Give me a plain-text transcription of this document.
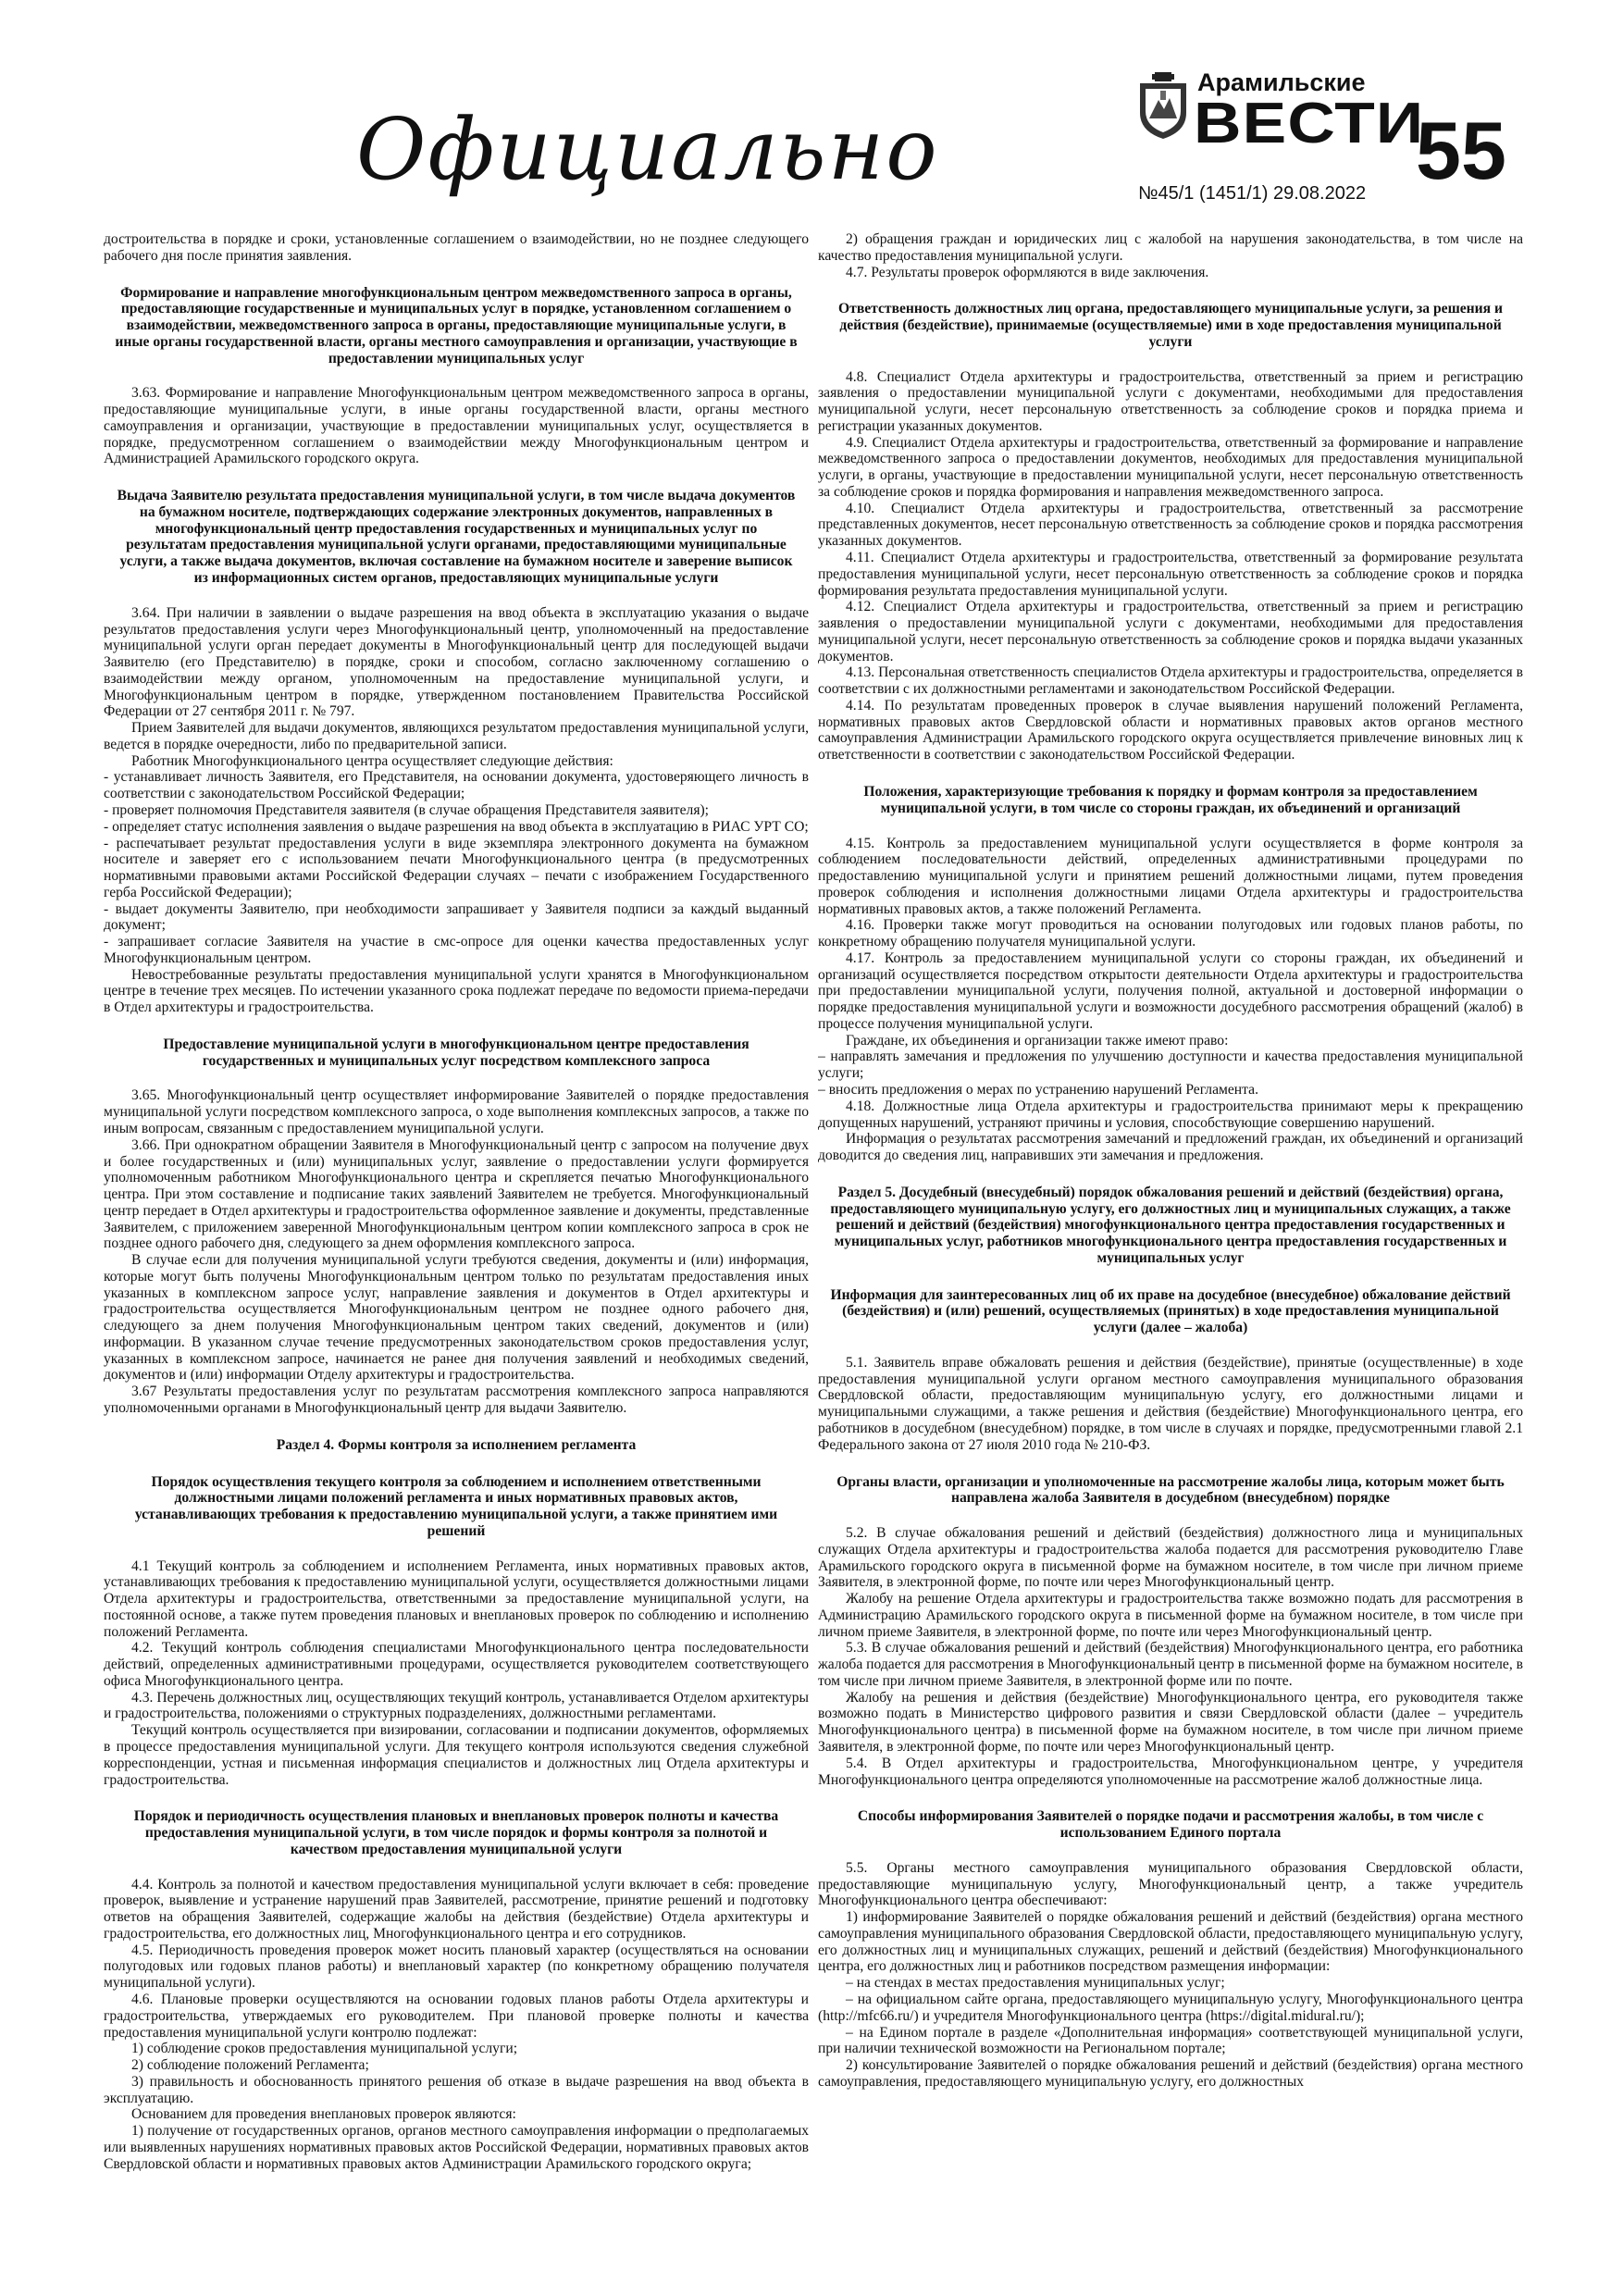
Официально
Арамильские
ВЕСТИ
№45/1 (1451/1) 29.08.2022 55

достроительства в порядке и сроки, установленные соглашением о взаимодействии, но не позднее следующего рабочего дня после принятия заявления.

Формирование и направление многофункциональным центром межведомственного запроса в органы, предоставляющие государственные и муниципальных услуг в порядке, установленном соглашением о взаимодействии, межведомственного запроса в органы, предоставляющие муниципальные услуги, в иные органы государственной власти, органы местного самоуправления и организации, участвующие в предоставлении муниципальных услуг

3.63. Формирование и направление Многофункциональным центром межведомственного запроса в органы, предоставляющие муниципальные услуги, в иные органы государственной власти, органы местного самоуправления и организации, участвующие в предоставлении муниципальных услуг, осуществляется в порядке, предусмотренном соглашением о взаимодействии между Многофункциональным центром и Администрацией Арамильского городского округа.

Выдача Заявителю результата предоставления муниципальной услуги, в том числе выдача документов на бумажном носителе, подтверждающих содержание электронных документов, направленных в многофункциональный центр предоставления государственных и муниципальных услуг по результатам предоставления муниципальной услуги органами, предоставляющими муниципальные услуги, а также выдача документов, включая составление на бумажном носителе и заверение выписок из информационных систем органов, предоставляющих муниципальные услуги

3.64. При наличии в заявлении о выдаче разрешения на ввод объекта в эксплуатацию указания о выдаче результатов предоставления услуги через Многофункциональный центр, уполномоченный на предоставление муниципальной услуги орган передает документы в Многофункциональный центр для последующей выдачи Заявителю (его Представителю) в порядке, сроки и способом, согласно заключенному соглашению о взаимодействии между органом, уполномоченным на предоставление муниципальной услуги, и Многофункциональным центром в порядке, утвержденном постановлением Правительства Российской Федерации от 27 сентября 2011 г. № 797.

Прием Заявителей для выдачи документов, являющихся результатом предоставления муниципальной услуги, ведется в порядке очередности, либо по предварительной записи.

Работник Многофункционального центра осуществляет следующие действия:

- устанавливает личность Заявителя, его Представителя, на основании документа, удостоверяющего личность в соответствии с законодательством Российской Федерации;

- проверяет полномочия Представителя заявителя (в случае обращения Представителя заявителя);

- определяет статус исполнения заявления о выдаче разрешения на ввод объекта в эксплуатацию в РИАС УРТ СО;

- распечатывает результат предоставления услуги в виде экземпляра электронного документа на бумажном носителе и заверяет его с использованием печати Многофункционального центра (в предусмотренных нормативными правовыми актами Российской Федерации случаях – печати с изображением Государственного герба Российской Федерации);

- выдает документы Заявителю, при необходимости запрашивает у Заявителя подписи за каждый выданный документ;

- запрашивает согласие Заявителя на участие в смс-опросе для оценки качества предоставленных услуг Многофункциональным центром.

Невостребованные результаты предоставления муниципальной услуги хранятся в Многофункциональном центре в течение трех месяцев. По истечении указанного срока подлежат передаче по ведомости приема-передачи в Отдел архитектуры и градостроительства.

Предоставление муниципальной услуги в многофункциональном центре предоставления государственных и муниципальных услуг посредством комплексного запроса

3.65. Многофункциональный центр осуществляет информирование Заявителей о порядке предоставления муниципальной услуги посредством комплексного запроса, о ходе выполнения комплексных запросов, а также по иным вопросам, связанным с предоставлением муниципальной услуги.

3.66. При однократном обращении Заявителя в Многофункциональный центр с запросом на получение двух и более государственных и (или) муниципальных услуг, заявление о предоставлении услуги формируется уполномоченным работником Многофункционального центра и скрепляется печатью Многофункционального центра. При этом составление и подписание таких заявлений Заявителем не требуется. Многофункциональный центр передает в Отдел архитектуры и градостроительства оформленное заявление и документы, представленные Заявителем, с приложением заверенной Многофункциональным центром копии комплексного запроса в срок не позднее одного рабочего дня, следующего за днем оформления комплексного запроса.

В случае если для получения муниципальной услуги требуются сведения, документы и (или) информация, которые могут быть получены Многофункциональным центром только по результатам предоставления иных указанных в комплексном запросе услуг, направление заявления и документов в Отдел архитектуры и градостроительства осуществляется Многофункциональным центром не позднее одного рабочего дня, следующего за днем получения Многофункциональным центром таких сведений, документов и (или) информации. В указанном случае течение предусмотренных законодательством сроков предоставления услуг, указанных в комплексном запросе, начинается не ранее дня получения заявлений и необходимых сведений, документов и (или) информации Отделу архитектуры и градостроительства.

3.67 Результаты предоставления услуг по результатам рассмотрения комплексного запроса направляются уполномоченными органами в Многофункциональный центр для выдачи Заявителю.

Раздел 4. Формы контроля за исполнением регламента
Порядок осуществления текущего контроля за соблюдением и исполнением ответственными должностными лицами положений регламента и иных нормативных правовых актов, устанавливающих требования к предоставлению муниципальной услуги, а также принятием ими решений

4.1 Текущий контроль за соблюдением и исполнением Регламента, иных нормативных правовых актов, устанавливающих требования к предоставлению муниципальной услуги, осуществляется должностными лицами Отдела архитектуры и градостроительства, ответственными за предоставление муниципальной услуги, на постоянной основе, а также путем проведения плановых и внеплановых проверок по соблюдению и исполнению положений Регламента.

4.2. Текущий контроль соблюдения специалистами Многофункционального центра последовательности действий, определенных административными процедурами, осуществляется руководителем соответствующего офиса Многофункционального центра.

4.3. Перечень должностных лиц, осуществляющих текущий контроль, устанавливается Отделом архитектуры и градостроительства, положениями о структурных подразделениях, должностными регламентами.

Текущий контроль осуществляется при визировании, согласовании и подписании документов, оформляемых в процессе предоставления муниципальной услуги. Для текущего контроля используются сведения служебной корреспонденции, устная и письменная информация специалистов и должностных лиц Отдела архитектуры и градостроительства.

Порядок и периодичность осуществления плановых и внеплановых проверок полноты и качества предоставления муниципальной услуги, в том числе порядок и формы контроля за полнотой и качеством предоставления муниципальной услуги

4.4. Контроль за полнотой и качеством предоставления муниципальной услуги включает в себя: проведение проверок, выявление и устранение нарушений прав Заявителей, рассмотрение, принятие решений и подготовку ответов на обращения Заявителей, содержащие жалобы на действия (бездействие) Отдела архитектуры и градостроительства, его должностных лиц, Многофункционального центра и его сотрудников.

4.5. Периодичность проведения проверок может носить плановый характер (осуществляться на основании полугодовых или годовых планов работы) и внеплановый характер (по конкретному обращению получателя муниципальной услуги).

4.6. Плановые проверки осуществляются на основании годовых планов работы Отдела архитектуры и градостроительства, утверждаемых его руководителем. При плановой проверке полноты и качества предоставления муниципальной услуги контролю подлежат:

1) соблюдение сроков предоставления муниципальной услуги;

2) соблюдение положений Регламента;

3) правильность и обоснованность принятого решения об отказе в выдаче разрешения на ввод объекта в эксплуатацию.

Основанием для проведения внеплановых проверок являются:

1) получение от государственных органов, органов местного самоуправления информации о предполагаемых или выявленных нарушениях нормативных правовых актов Российской Федерации, нормативных правовых актов Свердловской области и нормативных правовых актов Администрации Арамильского городского округа;

2) обращения граждан и юридических лиц с жалобой на нарушения законодательства, в том числе на качество предоставления муниципальной услуги.

4.7. Результаты проверок оформляются в виде заключения.

Ответственность должностных лиц органа, предоставляющего муниципальные услуги, за решения и действия (бездействие), принимаемые (осуществляемые) ими в ходе предоставления муниципальной услуги

4.8. Специалист Отдела архитектуры и градостроительства, ответственный за прием и регистрацию заявления о предоставлении муниципальной услуги с документами, необходимыми для предоставления муниципальной услуги, несет персональную ответственность за соблюдение сроков и порядка приема и регистрации указанных документов.

4.9. Специалист Отдела архитектуры и градостроительства, ответственный за формирование и направление межведомственного запроса о предоставлении документов, необходимых для предоставления муниципальной услуги, в органы, участвующие в предоставлении муниципальной услуги, несет персональную ответственность за соблюдение сроков и порядка формирования и направления межведомственного запроса.

4.10. Специалист Отдела архитектуры и градостроительства, ответственный за рассмотрение представленных документов, несет персональную ответственность за соблюдение сроков и порядка рассмотрения указанных документов.

4.11. Специалист Отдела архитектуры и градостроительства, ответственный за формирование результата предоставления муниципальной услуги, несет персональную ответственность за соблюдение сроков и порядка формирования результата предоставления муниципальной услуги.

4.12. Специалист Отдела архитектуры и градостроительства, ответственный за прием и регистрацию заявления о предоставлении муниципальной услуги с документами, необходимыми для предоставления муниципальной услуги, несет персональную ответственность за соблюдение сроков и порядка выдачи указанных документов.

4.13. Персональная ответственность специалистов Отдела архитектуры и градостроительства, определяется в соответствии с их должностными регламентами и законодательством Российской Федерации.

4.14. По результатам проведенных проверок в случае выявления нарушений положений Регламента, нормативных правовых актов Свердловской области и нормативных правовых актов органов местного самоуправления Администрации Арамильского городского округа осуществляется привлечение виновных лиц к ответственности в соответствии с законодательством Российской Федерации.

Положения, характеризующие требования к порядку и формам контроля за предоставлением муниципальной услуги, в том числе со стороны граждан, их объединений и организаций

4.15. Контроль за предоставлением муниципальной услуги осуществляется в форме контроля за соблюдением последовательности действий, определенных административными процедурами по предоставлению муниципальной услуги и принятием решений должностными лицами, путем проведения проверок соблюдения и исполнения должностными лицами Отдела архитектуры и градостроительства нормативных правовых актов, а также положений Регламента.

4.16. Проверки также могут проводиться на основании полугодовых или годовых планов работы, по конкретному обращению получателя муниципальной услуги.

4.17. Контроль за предоставлением муниципальной услуги со стороны граждан, их объединений и организаций осуществляется посредством открытости деятельности Отдела архитектуры и градостроительства при предоставлении муниципальной услуги, получения полной, актуальной и достоверной информации о порядке предоставления муниципальной услуги и возможности досудебного рассмотрения обращений (жалоб) в процессе получения муниципальной услуги.

Граждане, их объединения и организации также имеют право:

– направлять замечания и предложения по улучшению доступности и качества предоставления муниципальной услуги;

– вносить предложения о мерах по устранению нарушений Регламента.

4.18. Должностные лица Отдела архитектуры и градостроительства принимают меры к прекращению допущенных нарушений, устраняют причины и условия, способствующие совершению нарушений.

Информация о результатах рассмотрения замечаний и предложений граждан, их объединений и организаций доводится до сведения лиц, направивших эти замечания и предложения.

Раздел 5. Досудебный (внесудебный) порядок обжалования решений и действий (бездействия) органа, предоставляющего муниципальную услугу, его должностных лиц и муниципальных служащих, а также решений и действий (бездействия) многофункционального центра предоставления государственных и муниципальных услуг, работников многофункционального центра предоставления государственных и муниципальных услуг
Информация для заинтересованных лиц об их праве на досудебное (внесудебное) обжалование действий (бездействия) и (или) решений, осуществляемых (принятых) в ходе предоставления муниципальной услуги (далее – жалоба)

5.1. Заявитель вправе обжаловать решения и действия (бездействие), принятые (осуществленные) в ходе предоставления муниципальной услуги органом местного самоуправления муниципального образования Свердловской области, предоставляющим муниципальную услугу, его должностными лицами и муниципальными служащими, а также решения и действия (бездействие) Многофункционального центра, его работников в досудебном (внесудебном) порядке, в том числе в случаях и порядке, предусмотренными главой 2.1 Федерального закона от 27 июля 2010 года № 210-ФЗ.

Органы власти, организации и уполномоченные на рассмотрение жалобы лица, которым может быть направлена жалоба Заявителя в досудебном (внесудебном) порядке

5.2. В случае обжалования решений и действий (бездействия) должностного лица и муниципальных служащих Отдела архитектуры и градостроительства жалоба подается для рассмотрения руководителю Главе Арамильского городского округа в письменной форме на бумажном носителе, в том числе при личном приеме Заявителя, в электронной форме, по почте или через Многофункциональный центр.

Жалобу на решение Отдела архитектуры и градостроительства также возможно подать для рассмотрения в Администрацию Арамильского городского округа в письменной форме на бумажном носителе, в том числе при личном приеме Заявителя, в электронной форме, по почте или через Многофункциональный центр.

5.3. В случае обжалования решений и действий (бездействия) Многофункционального центра, его работника жалоба подается для рассмотрения в Многофункциональный центр в письменной форме на бумажном носителе, в том числе при личном приеме Заявителя, в электронной форме или по почте.

Жалобу на решения и действия (бездействие) Многофункционального центра, его руководителя также возможно подать в Министерство цифрового развития и связи Свердловской области (далее – учредитель Многофункционального центра) в письменной форме на бумажном носителе, в том числе при личном приеме Заявителя, в электронной форме, по почте или через Многофункциональный центр.

5.4. В Отдел архитектуры и градостроительства, Многофункциональном центре, у учредителя Многофункционального центра определяются уполномоченные на рассмотрение жалоб должностные лица.

Способы информирования Заявителей о порядке подачи и рассмотрения жалобы, в том числе с использованием Единого портала

5.5. Органы местного самоуправления муниципального образования Свердловской области, предоставляющие муниципальную услугу, Многофункциональный центр, а также учредитель Многофункционального центра обеспечивают:

1) информирование Заявителей о порядке обжалования решений и действий (бездействия) органа местного самоуправления муниципального образования Свердловской области, предоставляющего муниципальную услугу, его должностных лиц и муниципальных служащих, решений и действий (бездействия) Многофункционального центра, его должностных лиц и работников посредством размещения информации:

– на стендах в местах предоставления муниципальных услуг;

– на официальном сайте органа, предоставляющего муниципальную услугу, Многофункционального центра (http://mfc66.ru/) и учредителя Многофункционального центра (https://digital.midural.ru/);

– на Едином портале в разделе «Дополнительная информация» соответствующей муниципальной услуги, при наличии технической возможности на Региональном портале;

2) консультирование Заявителей о порядке обжалования решений и действий (бездействия) органа местного самоуправления, предоставляющего муниципальную услугу, его должностных
